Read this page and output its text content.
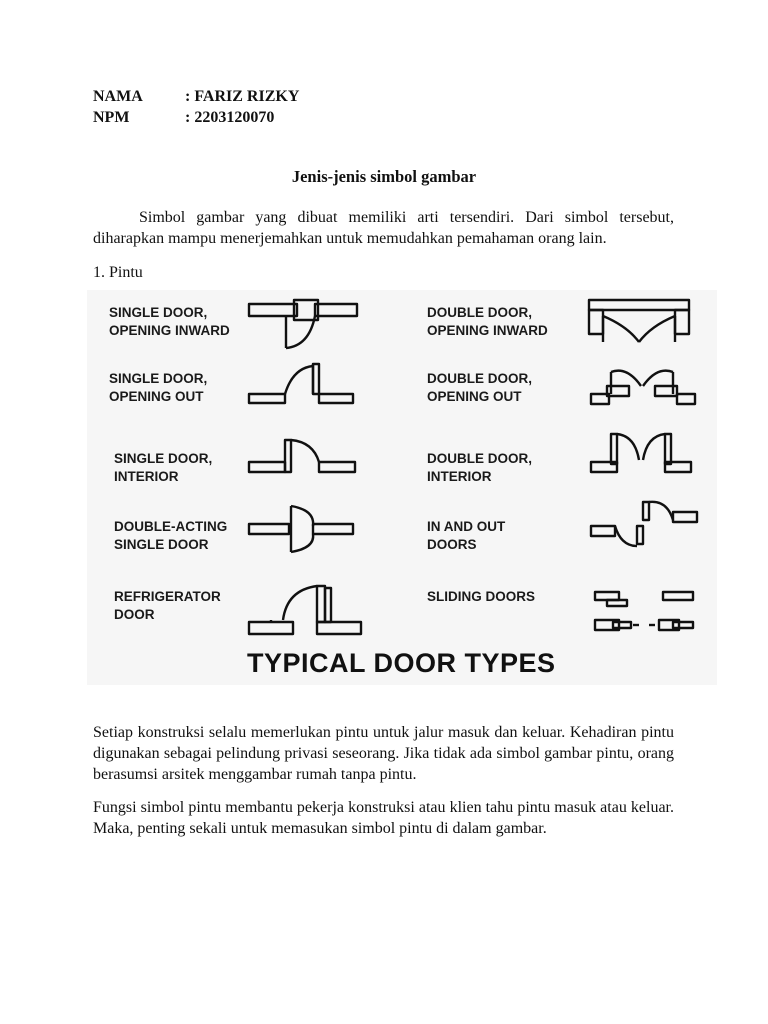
NAMA	: FARIZ RIZKY
NPM	: 2203120070
Jenis-jenis simbol gambar
Simbol gambar yang dibuat memiliki arti tersendiri. Dari simbol tersebut, diharapkan mampu menerjemahkan untuk memudahkan pemahaman orang lain.
1. Pintu
SINGLE DOOR,
OPENING INWARD
DOUBLE DOOR,
OPENING INWARD
SINGLE DOOR,
OPENING OUT
DOUBLE DOOR,
OPENING OUT
SINGLE DOOR,
INTERIOR
DOUBLE DOOR,
INTERIOR
DOUBLE-ACTING
SINGLE DOOR
IN AND OUT
DOORS
REFRIGERATOR
DOOR
SLIDING DOORS
TYPICAL DOOR TYPES
Setiap konstruksi selalu memerlukan pintu untuk jalur masuk dan keluar. Kehadiran pintu digunakan sebagai pelindung privasi seseorang. Jika tidak ada simbol gambar pintu, orang berasumsi arsitek menggambar rumah tanpa pintu.
Fungsi simbol pintu membantu pekerja konstruksi atau klien tahu pintu masuk atau keluar. Maka, penting sekali untuk memasukan simbol pintu di dalam gambar.
